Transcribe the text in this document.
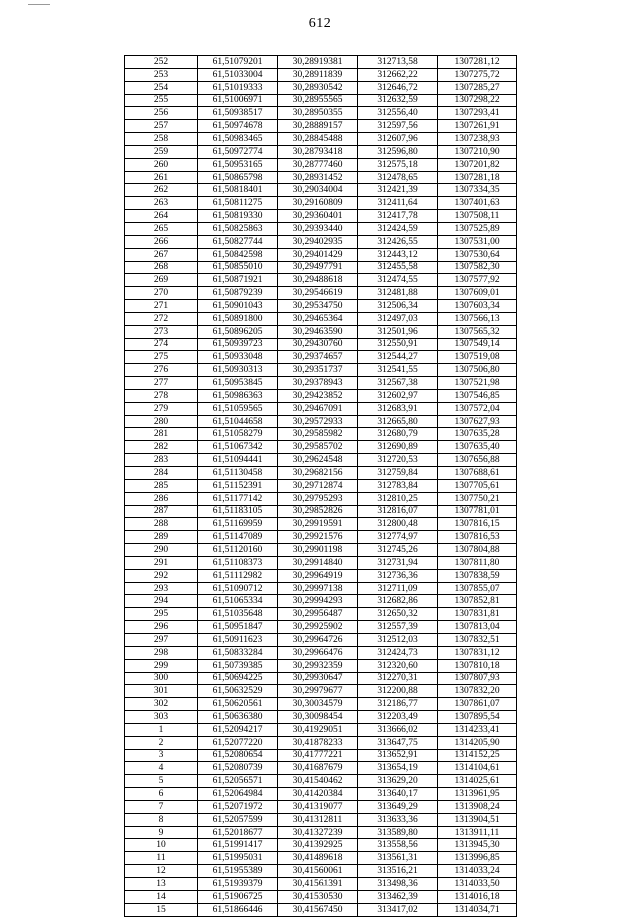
612
252	61,51079201	30,28919381	312713,58	1307281,12
253	61,51033004	30,28911839	312662,22	1307275,72
254	61,51019333	30,28930542	312646,72	1307285,27
255	61,51006971	30,28955565	312632,59	1307298,22
256	61,50938517	30,28950355	312556,40	1307293,41
257	61,50974678	30,28889157	312597,56	1307261,91
258	61,50983465	30,28845488	312607,96	1307238,93
259	61,50972774	30,28793418	312596,80	1307210,90
260	61,50953165	30,28777460	312575,18	1307201,82
261	61,50865798	30,28931452	312478,65	1307281,18
262	61,50818401	30,29034004	312421,39	1307334,35
263	61,50811275	30,29160809	312411,64	1307401,63
264	61,50819330	30,29360401	312417,78	1307508,11
265	61,50825863	30,29393440	312424,59	1307525,89
266	61,50827744	30,29402935	312426,55	1307531,00
267	61,50842598	30,29401429	312443,12	1307530,64
268	61,50855010	30,29497791	312455,58	1307582,30
269	61,50871921	30,29488618	312474,55	1307577,92
270	61,50879239	30,29546619	312481,88	1307609,01
271	61,50901043	30,29534750	312506,34	1307603,34
272	61,50891800	30,29465364	312497,03	1307566,13
273	61,50896205	30,29463590	312501,96	1307565,32
274	61,50939723	30,29430760	312550,91	1307549,14
275	61,50933048	30,29374657	312544,27	1307519,08
276	61,50930313	30,29351737	312541,55	1307506,80
277	61,50953845	30,29378943	312567,38	1307521,98
278	61,50986363	30,29423852	312602,97	1307546,85
279	61,51059565	30,29467091	312683,91	1307572,04
280	61,51044658	30,29572933	312665,80	1307627,93
281	61,51058279	30,29585982	312680,79	1307635,28
282	61,51067342	30,29585702	312690,89	1307635,40
283	61,51094441	30,29624548	312720,53	1307656,88
284	61,51130458	30,29682156	312759,84	1307688,61
285	61,51152391	30,29712874	312783,84	1307705,61
286	61,51177142	30,29795293	312810,25	1307750,21
287	61,51183105	30,29852826	312816,07	1307781,01
288	61,51169959	30,29919591	312800,48	1307816,15
289	61,51147089	30,29921576	312774,97	1307816,53
290	61,51120160	30,29901198	312745,26	1307804,88
291	61,51108373	30,29914840	312731,94	1307811,80
292	61,51112982	30,29964919	312736,36	1307838,59
293	61,51090712	30,29997138	312711,09	1307855,07
294	61,51065334	30,29994293	312682,86	1307852,81
295	61,51035648	30,29956487	312650,32	1307831,81
296	61,50951847	30,29925902	312557,39	1307813,04
297	61,50911623	30,29964726	312512,03	1307832,51
298	61,50833284	30,29966476	312424,73	1307831,12
299	61,50739385	30,29932359	312320,60	1307810,18
300	61,50694225	30,29930647	312270,31	1307807,93
301	61,50632529	30,29979677	312200,88	1307832,20
302	61,50620561	30,30034579	312186,77	1307861,07
303	61,50636380	30,30098454	312203,49	1307895,54
1	61,52094217	30,41929051	313666,02	1314233,41
2	61,52077220	30,41878233	313647,75	1314205,90
3	61,52080654	30,41777221	313652,91	1314152,25
4	61,52080739	30,41687679	313654,19	1314104,61
5	61,52056571	30,41540462	313629,20	1314025,61
6	61,52064984	30,41420384	313640,17	1313961,95
7	61,52071972	30,41319077	313649,29	1313908,24
8	61,52057599	30,41312811	313633,36	1313904,51
9	61,52018677	30,41327239	313589,80	1313911,11
10	61,51991417	30,41392925	313558,56	1313945,30
11	61,51995031	30,41489618	313561,31	1313996,85
12	61,51955389	30,41560061	313516,21	1314033,24
13	61,51939379	30,41561391	313498,36	1314033,50
14	61,51906725	30,41530530	313462,39	1314016,18
15	61,51866446	30,41567450	313417,02	1314034,71
